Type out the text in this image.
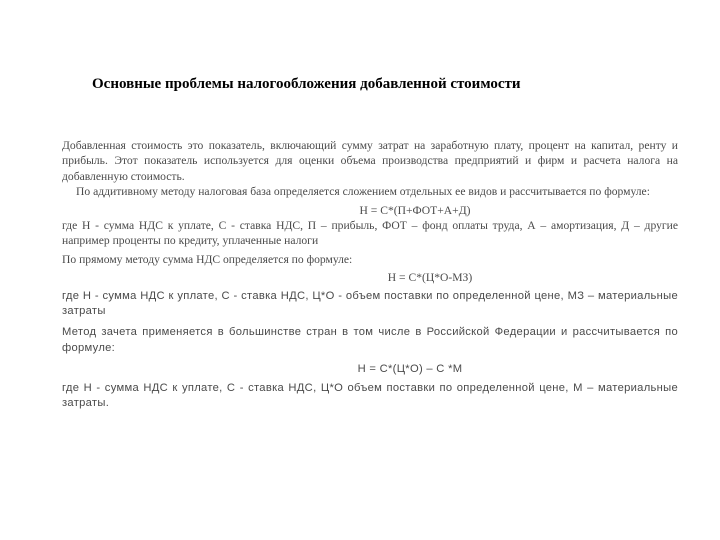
Основные проблемы налогообложения добавленной стоимости

Добавленная стоимость это показатель, включающий сумму затрат на заработную плату, процент на капитал, ренту и прибыль. Этот показатель используется для оценки объема производства предприятий и фирм и расчета налога на добавленную стоимость.

По аддитивному методу налоговая база определяется сложением отдельных ее видов и рассчитывается по формуле:

Н = С*(П+ФОТ+А+Д)

где Н - сумма НДС к уплате, С - ставка НДС, П – прибыль, ФОТ – фонд оплаты труда, А – амортизация, Д – другие например проценты по кредиту, уплаченные налоги

По прямому методу сумма НДС определяется по формуле:

Н = С*(Ц*О-МЗ)

где Н - сумма НДС к уплате, С - ставка НДС, Ц*О - объем поставки по определенной цене, МЗ – материальные затраты

Метод зачета применяется в большинстве стран в том числе в Российской Федерации и рассчитывается по формуле:

Н = С*(Ц*О) – С *М

где Н - сумма НДС к уплате, С - ставка НДС, Ц*О объем поставки по определенной цене, М – материальные затраты.
